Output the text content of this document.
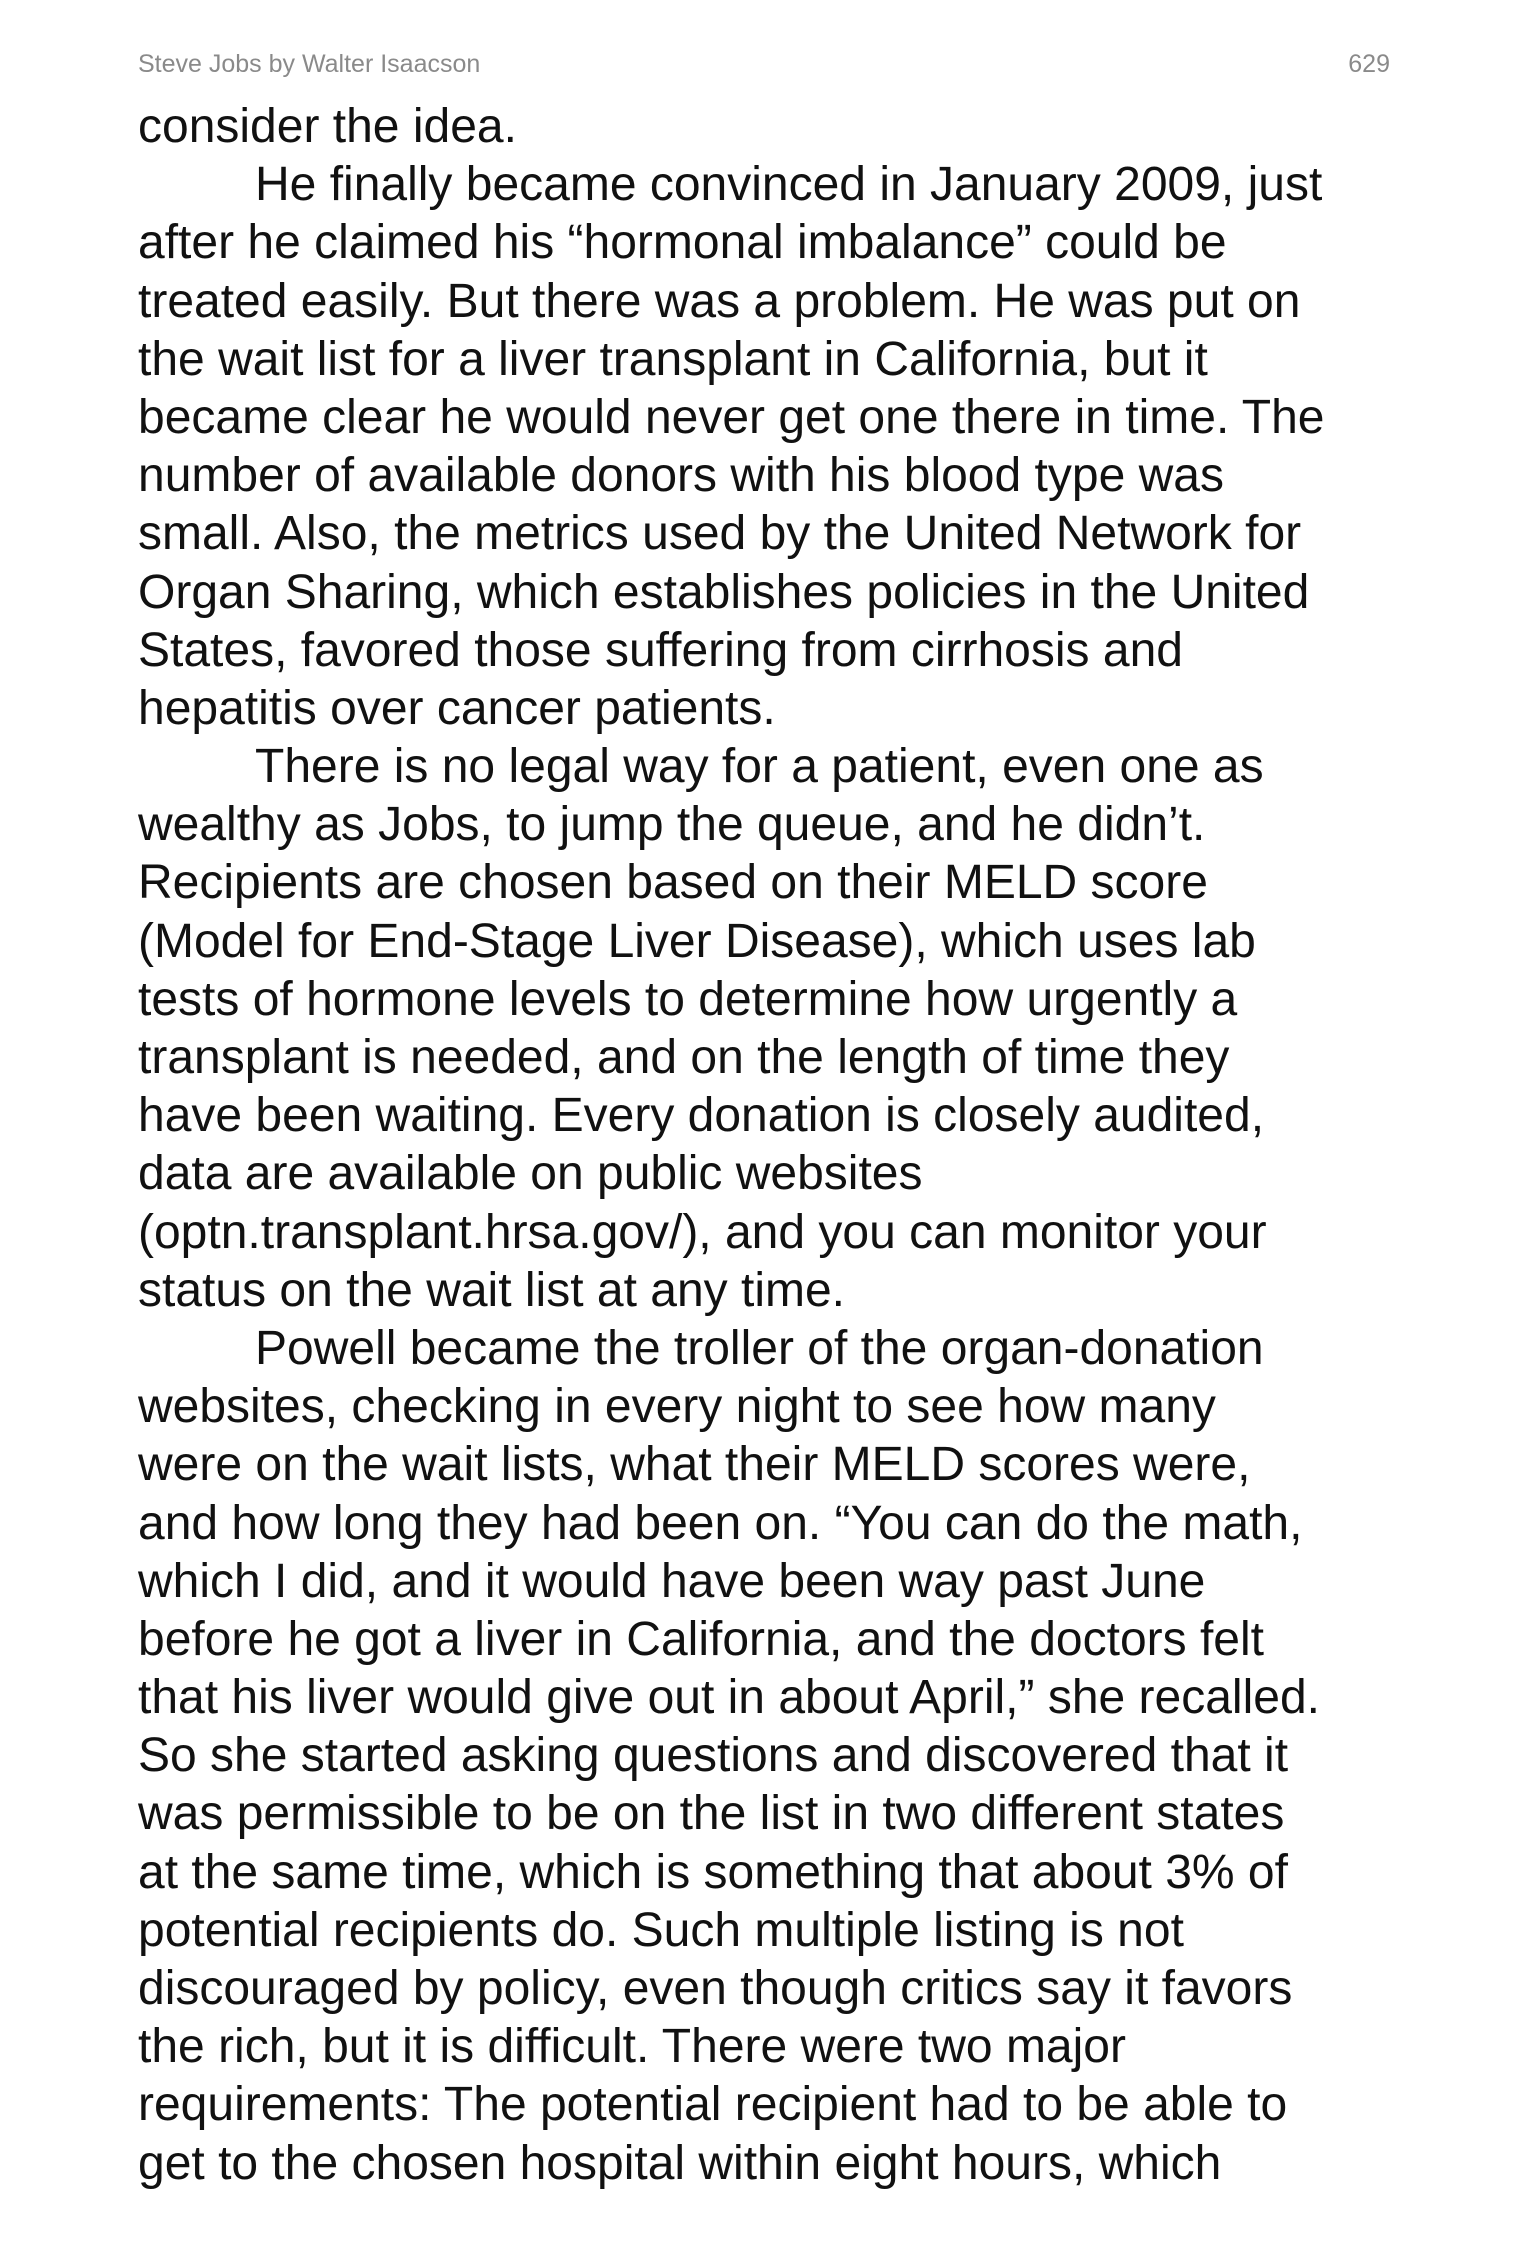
Steve Jobs by Walter Isaacson	629
consider the idea.
He finally became convinced in January 2009, just
after he claimed his “hormonal imbalance” could be
treated easily. But there was a problem. He was put on
the wait list for a liver transplant in California, but it
became clear he would never get one there in time. The
number of available donors with his blood type was
small. Also, the metrics used by the United Network for
Organ Sharing, which establishes policies in the United
States, favored those suffering from cirrhosis and
hepatitis over cancer patients.
There is no legal way for a patient, even one as
wealthy as Jobs, to jump the queue, and he didn’t.
Recipients are chosen based on their MELD score
(Model for End-Stage Liver Disease), which uses lab
tests of hormone levels to determine how urgently a
transplant is needed, and on the length of time they
have been waiting. Every donation is closely audited,
data are available on public websites
(optn.transplant.hrsa.gov/), and you can monitor your
status on the wait list at any time.
Powell became the troller of the organ-donation
websites, checking in every night to see how many
were on the wait lists, what their MELD scores were,
and how long they had been on. “You can do the math,
which I did, and it would have been way past June
before he got a liver in California, and the doctors felt
that his liver would give out in about April,” she recalled.
So she started asking questions and discovered that it
was permissible to be on the list in two different states
at the same time, which is something that about 3% of
potential recipients do. Such multiple listing is not
discouraged by policy, even though critics say it favors
the rich, but it is difficult. There were two major
requirements: The potential recipient had to be able to
get to the chosen hospital within eight hours, which
